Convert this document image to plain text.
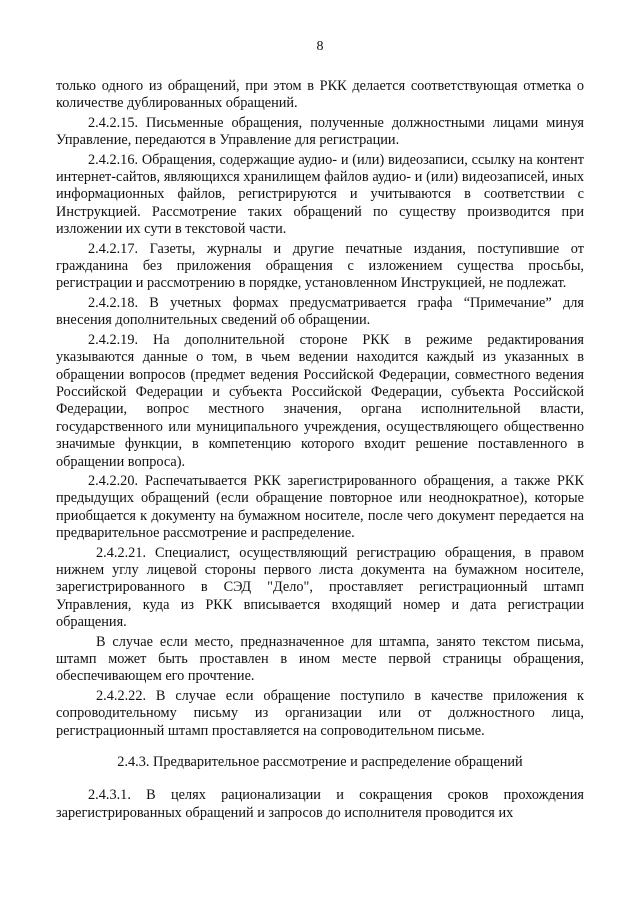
8

только одного из обращений, при этом в РКК делается соответствующая отметка о количестве дублированных обращений.

2.4.2.15. Письменные обращения, полученные должностными лицами минуя Управление, передаются в Управление для регистрации.

2.4.2.16. Обращения, содержащие аудио- и (или) видеозаписи, ссылку на контент интернет-сайтов, являющихся хранилищем файлов аудио- и (или) видеозаписей, иных информационных файлов, регистрируются и учитываются в соответствии с Инструкцией. Рассмотрение таких обращений по существу производится при изложении их сути в текстовой части.

2.4.2.17. Газеты, журналы и другие печатные издания, поступившие от гражданина без приложения обращения с изложением существа просьбы, регистрации и рассмотрению в порядке, установленном Инструкцией, не подлежат.

2.4.2.18. В учетных формах предусматривается графа “Примечание” для внесения дополнительных сведений об обращении.

2.4.2.19. На дополнительной стороне РКК в режиме редактирования указываются данные о том, в чьем ведении находится каждый из указанных в обращении вопросов (предмет ведения Российской Федерации, совместного ведения Российской Федерации и субъекта Российской Федерации, субъекта Российской Федерации, вопрос местного значения, органа исполнительной власти, государственного или муниципального учреждения, осуществляющего общественно значимые функции, в компетенцию которого входит решение поставленного в обращении вопроса).

2.4.2.20. Распечатывается РКК зарегистрированного обращения, а также РКК предыдущих обращений (если обращение повторное или неоднократное), которые приобщается к документу на бумажном носителе, после чего документ передается на предварительное рассмотрение и распределение.

2.4.2.21. Специалист, осуществляющий регистрацию обращения, в правом нижнем углу лицевой стороны первого листа документа на бумажном носителе, зарегистрированного в СЭД "Дело", проставляет регистрационный штамп Управления, куда из РКК вписывается входящий номер и дата регистрации обращения.

В случае если место, предназначенное для штампа, занято текстом письма, штамп может быть проставлен в ином месте первой страницы обращения, обеспечивающем его прочтение.

2.4.2.22. В случае если обращение поступило в качестве приложения к сопроводительному письму из организации или от должностного лица, регистрационный штамп проставляется на сопроводительном письме.

2.4.3. Предварительное рассмотрение и распределение обращений

2.4.3.1. В целях рационализации и сокращения сроков прохождения зарегистрированных обращений и запросов до исполнителя проводится их
